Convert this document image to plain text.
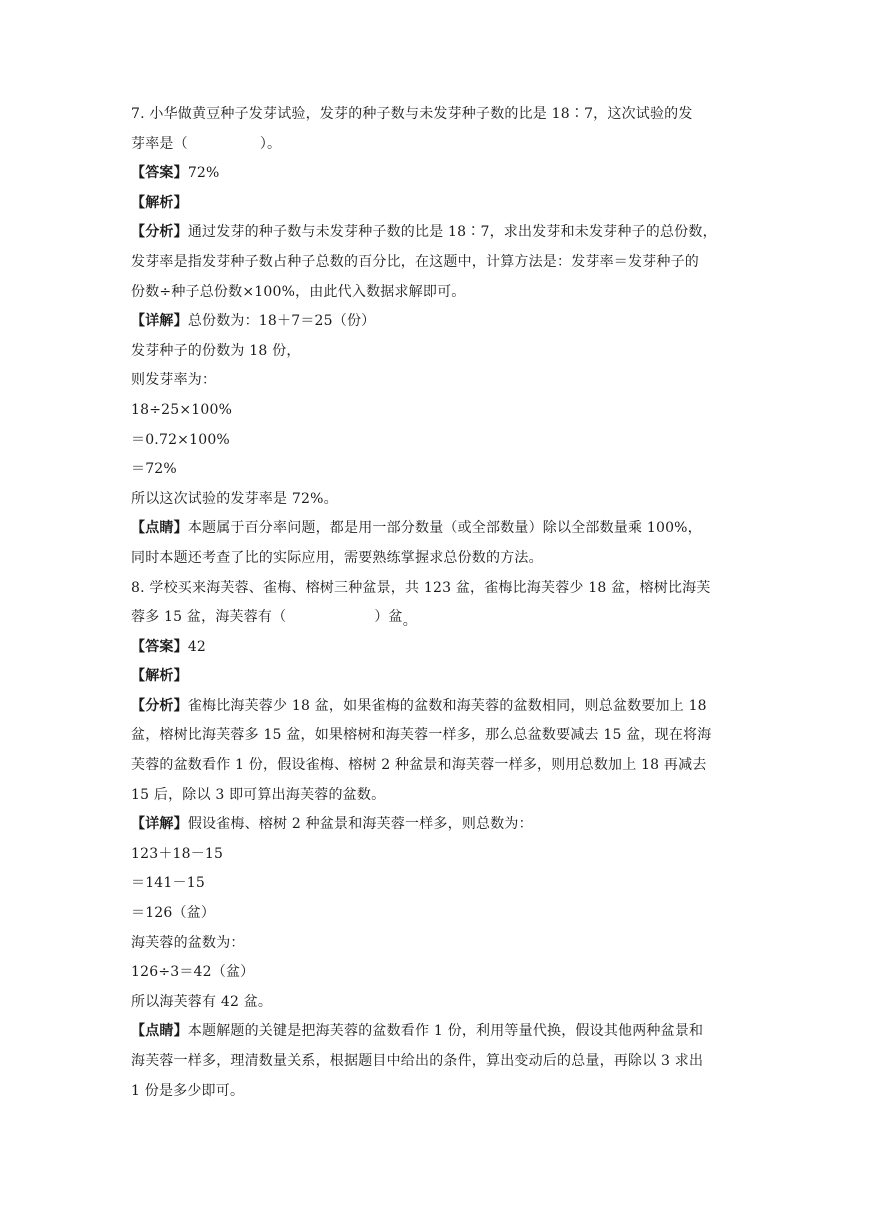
7. 小华做黄豆种子发芽试验，发芽的种子数与未发芽种子数的比是 18∶7，这次试验的发
芽率是（	）。
【答案】72%
【解析】
【分析】通过发芽的种子数与未发芽种子数的比是 18∶7，求出发芽和未发芽种子的总份数，
发芽率是指发芽种子数占种子总数的百分比，在这题中，计算方法是：发芽率＝发芽种子的
份数÷种子总份数×100%，由此代入数据求解即可。
【详解】总份数为：18＋7＝25（份）
发芽种子的份数为 18 份，
则发芽率为：
18÷25×100%
＝0.72×100%
＝72%
所以这次试验的发芽率是 72%。
【点睛】本题属于百分率问题，都是用一部分数量（或全部数量）除以全部数量乘 100%，
同时本题还考查了比的实际应用，需要熟练掌握求总份数的方法。
8. 学校买来海芙蓉、雀梅、榕树三种盆景，共 123 盆，雀梅比海芙蓉少 18 盆，榕树比海芙
蓉多 15 盆，海芙蓉有（	）盆。
【答案】42
【解析】
【分析】雀梅比海芙蓉少 18 盆，如果雀梅的盆数和海芙蓉的盆数相同，则总盆数要加上 18
盆，榕树比海芙蓉多 15 盆，如果榕树和海芙蓉一样多，那么总盆数要减去 15 盆，现在将海
芙蓉的盆数看作 1 份，假设雀梅、榕树 2 种盆景和海芙蓉一样多，则用总数加上 18 再减去
15 后，除以 3 即可算出海芙蓉的盆数。
【详解】假设雀梅、榕树 2 种盆景和海芙蓉一样多，则总数为：
123＋18－15
＝141－15
＝126（盆）
海芙蓉的盆数为：
126÷3＝42（盆）
所以海芙蓉有 42 盆。
【点睛】本题解题的关键是把海芙蓉的盆数看作 1 份，利用等量代换，假设其他两种盆景和
海芙蓉一样多，理清数量关系，根据题目中给出的条件，算出变动后的总量，再除以 3 求出
1 份是多少即可。
